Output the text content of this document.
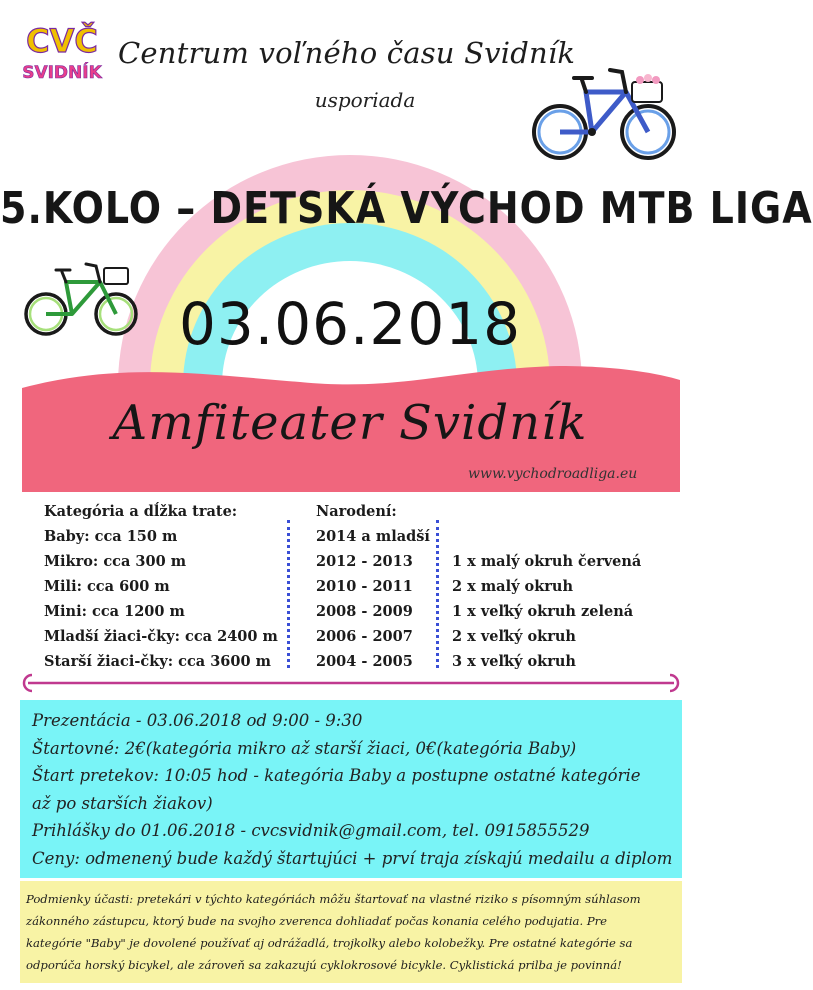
CVČ
SVIDNÍK
Centrum voľného času Svidník
usporiada
5.KOLO – DETSKÁ VÝCHOD MTB LIGA
03.06.2018
Amfiteater Svidník
www.vychodroadliga.eu
Kategória a dĺžka trate:
Baby: cca 150 m
Mikro: cca 300 m
Mili: cca 600 m
Mini: cca 1200 m
Mladší žiaci-čky: cca 2400 m
Starší žiaci-čky: cca 3600 m
Narodení:
2014 a mladší
2012 - 2013
2010 - 2011
2008 - 2009
2006 - 2007
2004 - 2005
1 x malý okruh červená
2 x malý okruh
1 x veľký okruh zelená
2 x veľký okruh
3 x veľký okruh
Prezentácia - 03.06.2018 od 9:00 - 9:30
Štartovné: 2€(kategória mikro až starší žiaci, 0€(kategória Baby)
Štart pretekov: 10:05 hod - kategória Baby a postupne ostatné kategórie
až po starších žiakov)
Prihlášky do 01.06.2018 - cvcsvidnik@gmail.com, tel. 0915855529
Ceny: odmenený bude každý štartujúci + prví traja získajú medailu a diplom
Podmienky účasti: pretekári v týchto kategóriách môžu štartovať na vlastné riziko s písomným súhlasom
zákonného zástupcu, ktorý bude na svojho zverenca dohliadať počas konania celého podujatia. Pre
kategórie "Baby" je dovolené používať aj odrážadlá, trojkolky alebo kolobežky. Pre ostatné kategórie sa
odporúča horský bicykel, ale zároveň sa zakazujú cyklokrosové bicykle. Cyklistická prilba je povinná!
